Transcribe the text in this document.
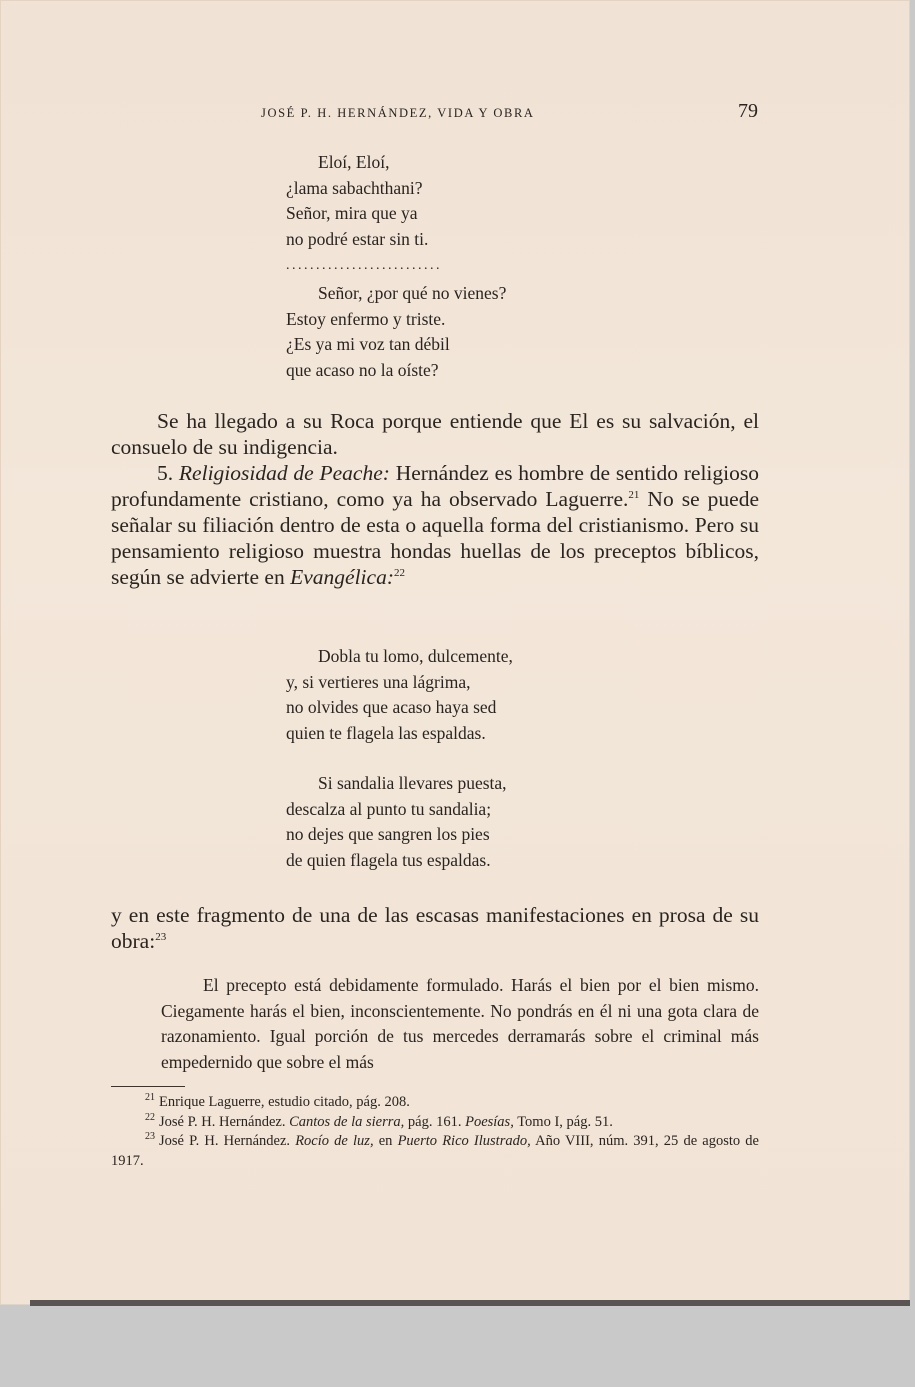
JOSÉ P. H. HERNÁNDEZ, VIDA Y OBRA	79
Eloí, Eloí,
¿lama sabachthani?
Señor, mira que ya
no podré estar sin ti.
..........................
Señor, ¿por qué no vienes?
Estoy enfermo y triste.
¿Es ya mi voz tan débil
que acaso no la oíste?

Se ha llegado a su Roca porque entiende que El es su salvación, el consuelo de su indigencia.

5. Religiosidad de Peache: Hernández es hombre de sentido religioso profundamente cristiano, como ya ha observado Laguerre.$^{21}$ No se puede señalar su filiación dentro de esta o aquella forma del cristianismo. Pero su pensamiento religioso muestra hondas huellas de los preceptos bíblicos, según se advierte en Evangélica:$^{22}$

Dobla tu lomo, dulcemente,
y, si vertieres una lágrima,
no olvides que acaso haya sed
quien te flagela las espaldas.
Si sandalia llevares puesta,
descalza al punto tu sandalia;
no dejes que sangren los pies
de quien flagela tus espaldas.

y en este fragmento de una de las escasas manifestaciones en prosa de su obra:$^{23}$

El precepto está debidamente formulado. Harás el bien por el bien mismo. Ciegamente harás el bien, inconscientemente. No pondrás en él ni una gota clara de razonamiento. Igual porción de tus mercedes derramarás sobre el criminal más empedernido que sobre el más

$^{21}$ Enrique Laguerre, estudio citado, pág. 208.

$^{22}$ José P. H. Hernández. Cantos de la sierra, pág. 161. Poesías, Tomo I, pág. 51.

$^{23}$ José P. H. Hernández. Rocío de luz, en Puerto Rico Ilustrado, Año VIII, núm. 391, 25 de agosto de 1917.
